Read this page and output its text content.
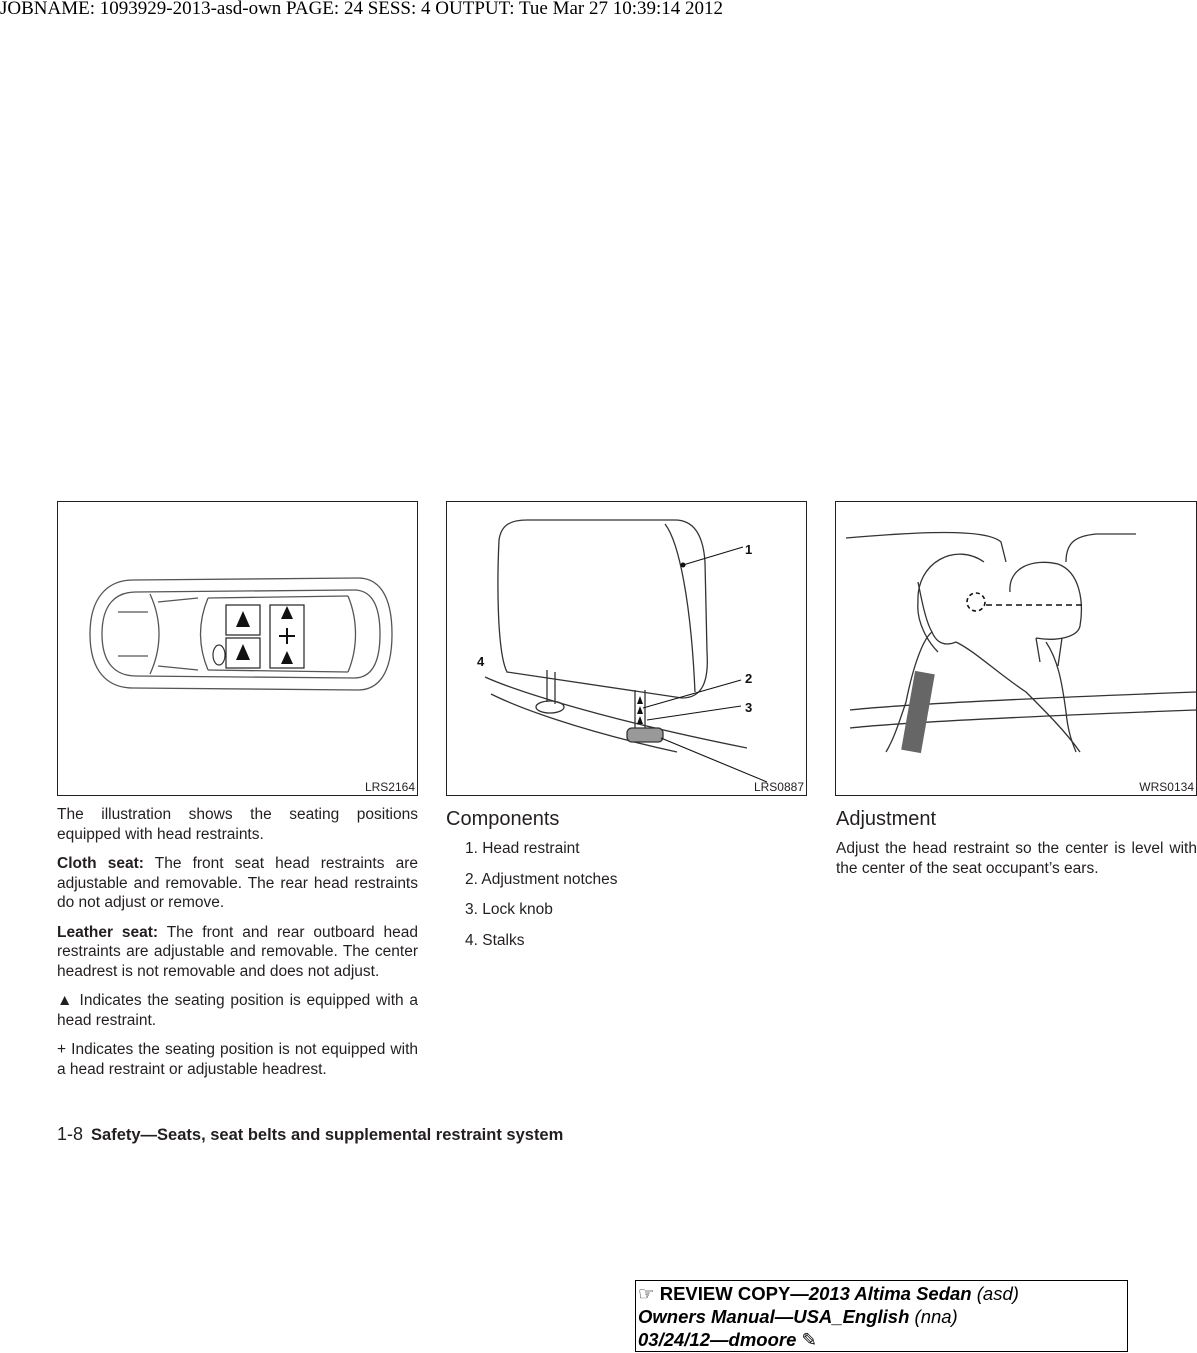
JOBNAME: 1093929-2013-asd-own PAGE: 24 SESS: 4 OUTPUT: Tue Mar 27 10:39:14 2012
LRS2164
1
2
3
4
LRS0887	WRS0134

The illustration shows the seating positions equipped with head restraints.

Cloth seat: The front seat head restraints are adjustable and removable. The rear head restraints do not adjust or remove.

Leather seat: The front and rear outboard head restraints are adjustable and removable. The center headrest is not removable and does not adjust.

▲ Indicates the seating position is equipped with a head restraint.

+ Indicates the seating position is not equipped with a head restraint or adjustable headrest.

Components
1. Head restraint
2. Adjustment notches
3. Lock knob
4. Stalks
Adjustment

Adjust the head restraint so the center is level with the center of the seat occupant’s ears.

1-8 Safety—Seats, seat belts and supplemental restraint system
☞ REVIEW COPY—2013 Altima Sedan (asd)
Owners Manual—USA_English (nna)
03/24/12—dmoore ✎
